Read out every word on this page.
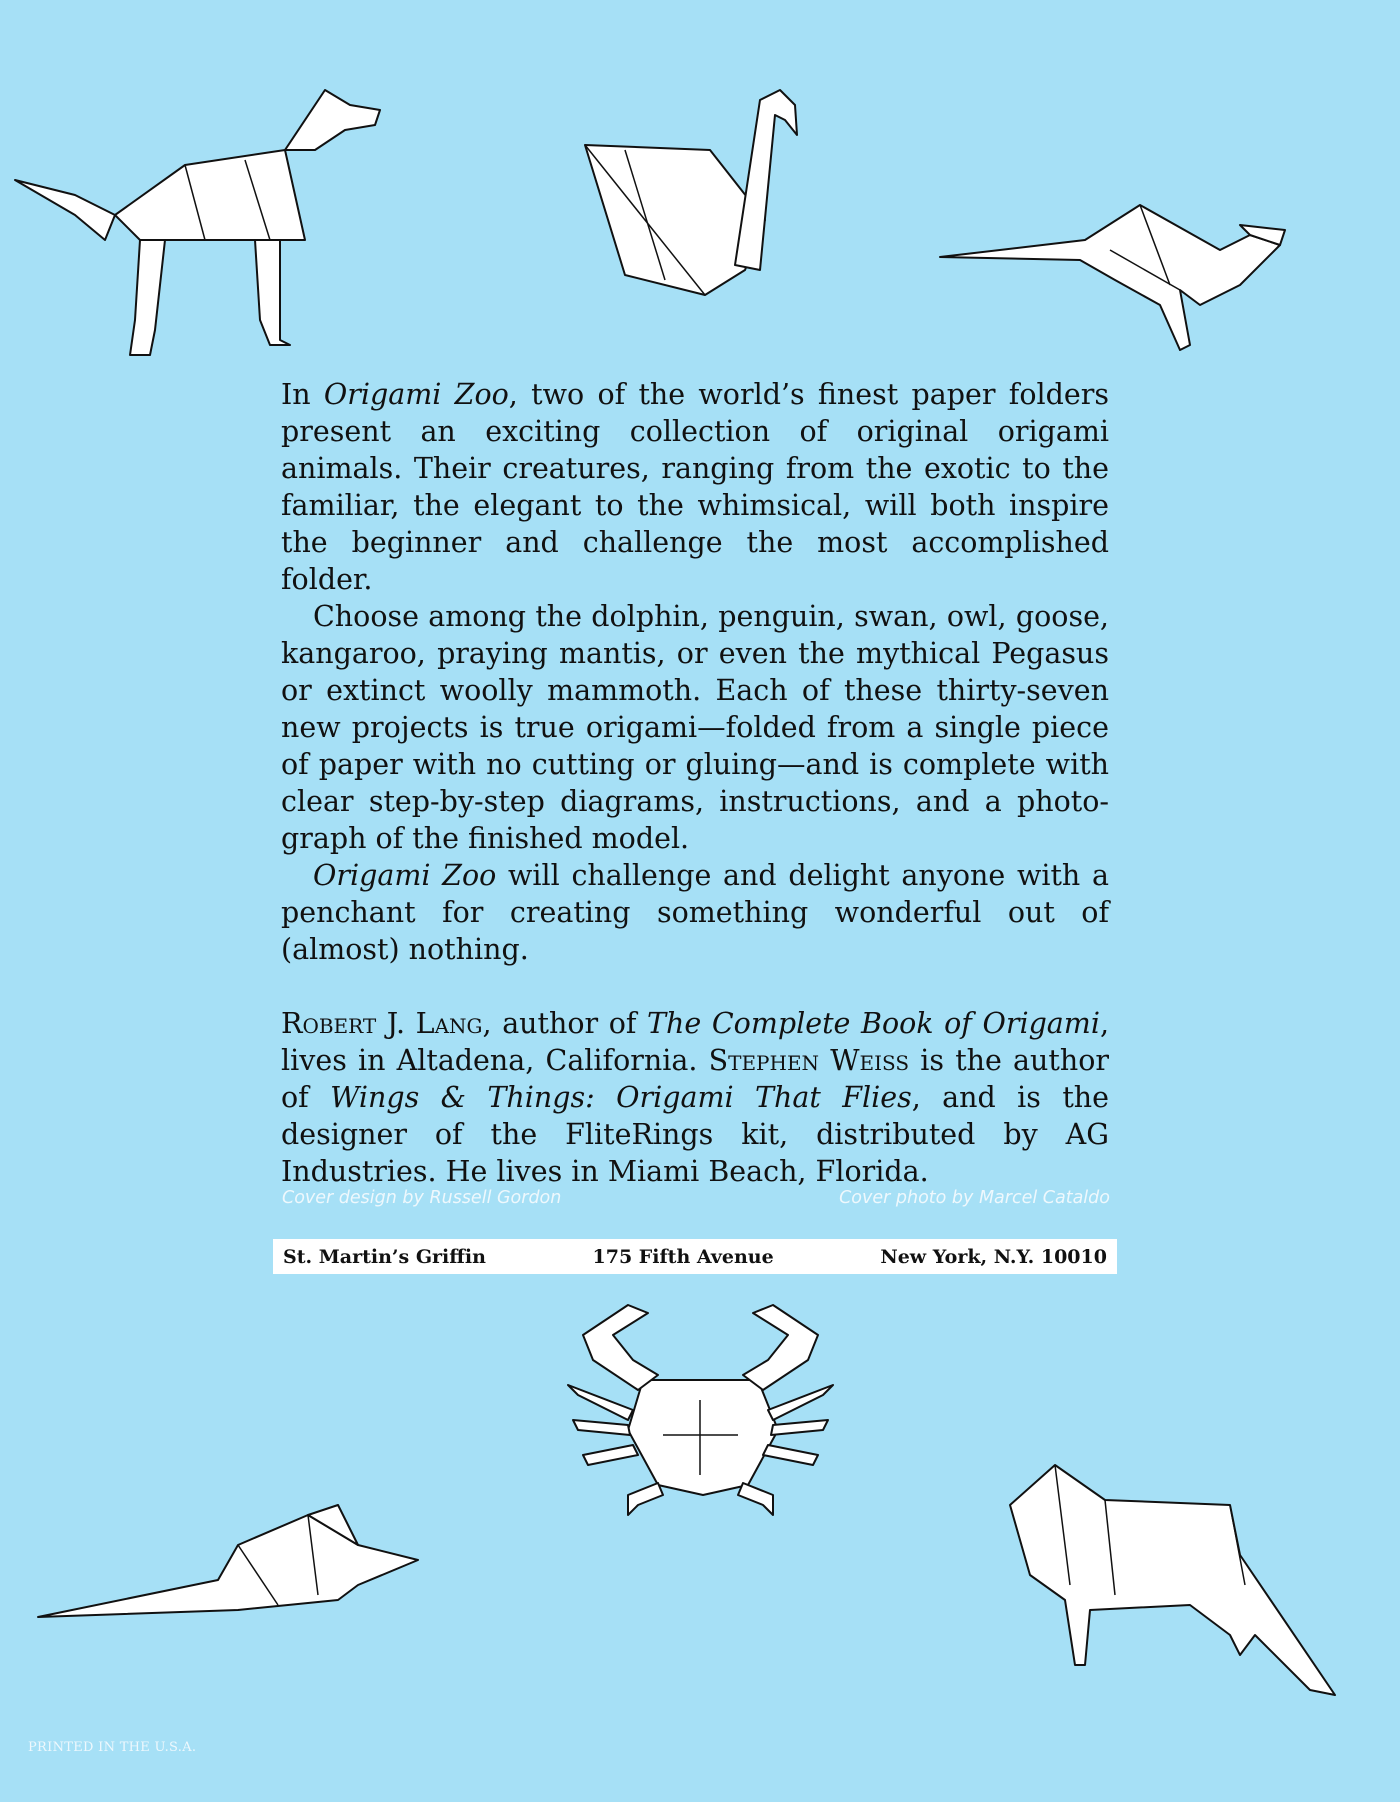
In Origami Zoo, two of the world’s finest paper folders present an exciting collection of original origami animals. Their creatures, ranging from the exotic to the familiar, the elegant to the whimsical, will both inspire the beginner and challenge the most accomplished folder.

Choose among the dolphin, penguin, swan, owl, goose, kangaroo, praying mantis, or even the mythical Pegasus or extinct woolly mammoth. Each of these thirty-seven new projects is true origami—folded from a single piece of paper with no cutting or gluing—and is complete with clear step-by-step diagrams, instructions, and a photo-graph of the finished model.

Origami Zoo will challenge and delight anyone with a penchant for creating something wonderful out of (almost) nothing.

Robert J. Lang, author of The Complete Book of Origami, lives in Altadena, California. Stephen Weiss is the author of Wings & Things: Origami That Flies, and is the designer of the FliteRings kit, distributed by AG Industries. He lives in Miami Beach, Florida.

Cover design by Russell Gordon	Cover photo by Marcel Cataldo
St. Martin’s Griffin	175 Fifth Avenue	New York, N.Y. 10010
PRINTED IN THE U.S.A.
